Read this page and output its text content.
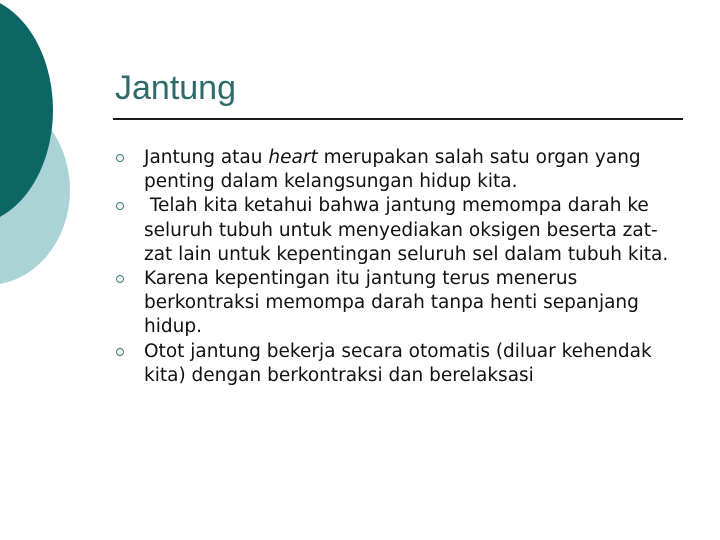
Jantung
Jantung atau heart merupakan salah satu organ yang penting dalam kelangsungan hidup kita.
Telah kita ketahui bahwa jantung memompa darah ke seluruh tubuh untuk menyediakan oksigen beserta zat-zat lain untuk kepentingan seluruh sel dalam tubuh kita.
Karena kepentingan itu jantung terus menerus berkontraksi memompa darah tanpa henti sepanjang hidup.
Otot jantung bekerja secara otomatis (diluar kehendak kita) dengan berkontraksi dan berelaksasi
